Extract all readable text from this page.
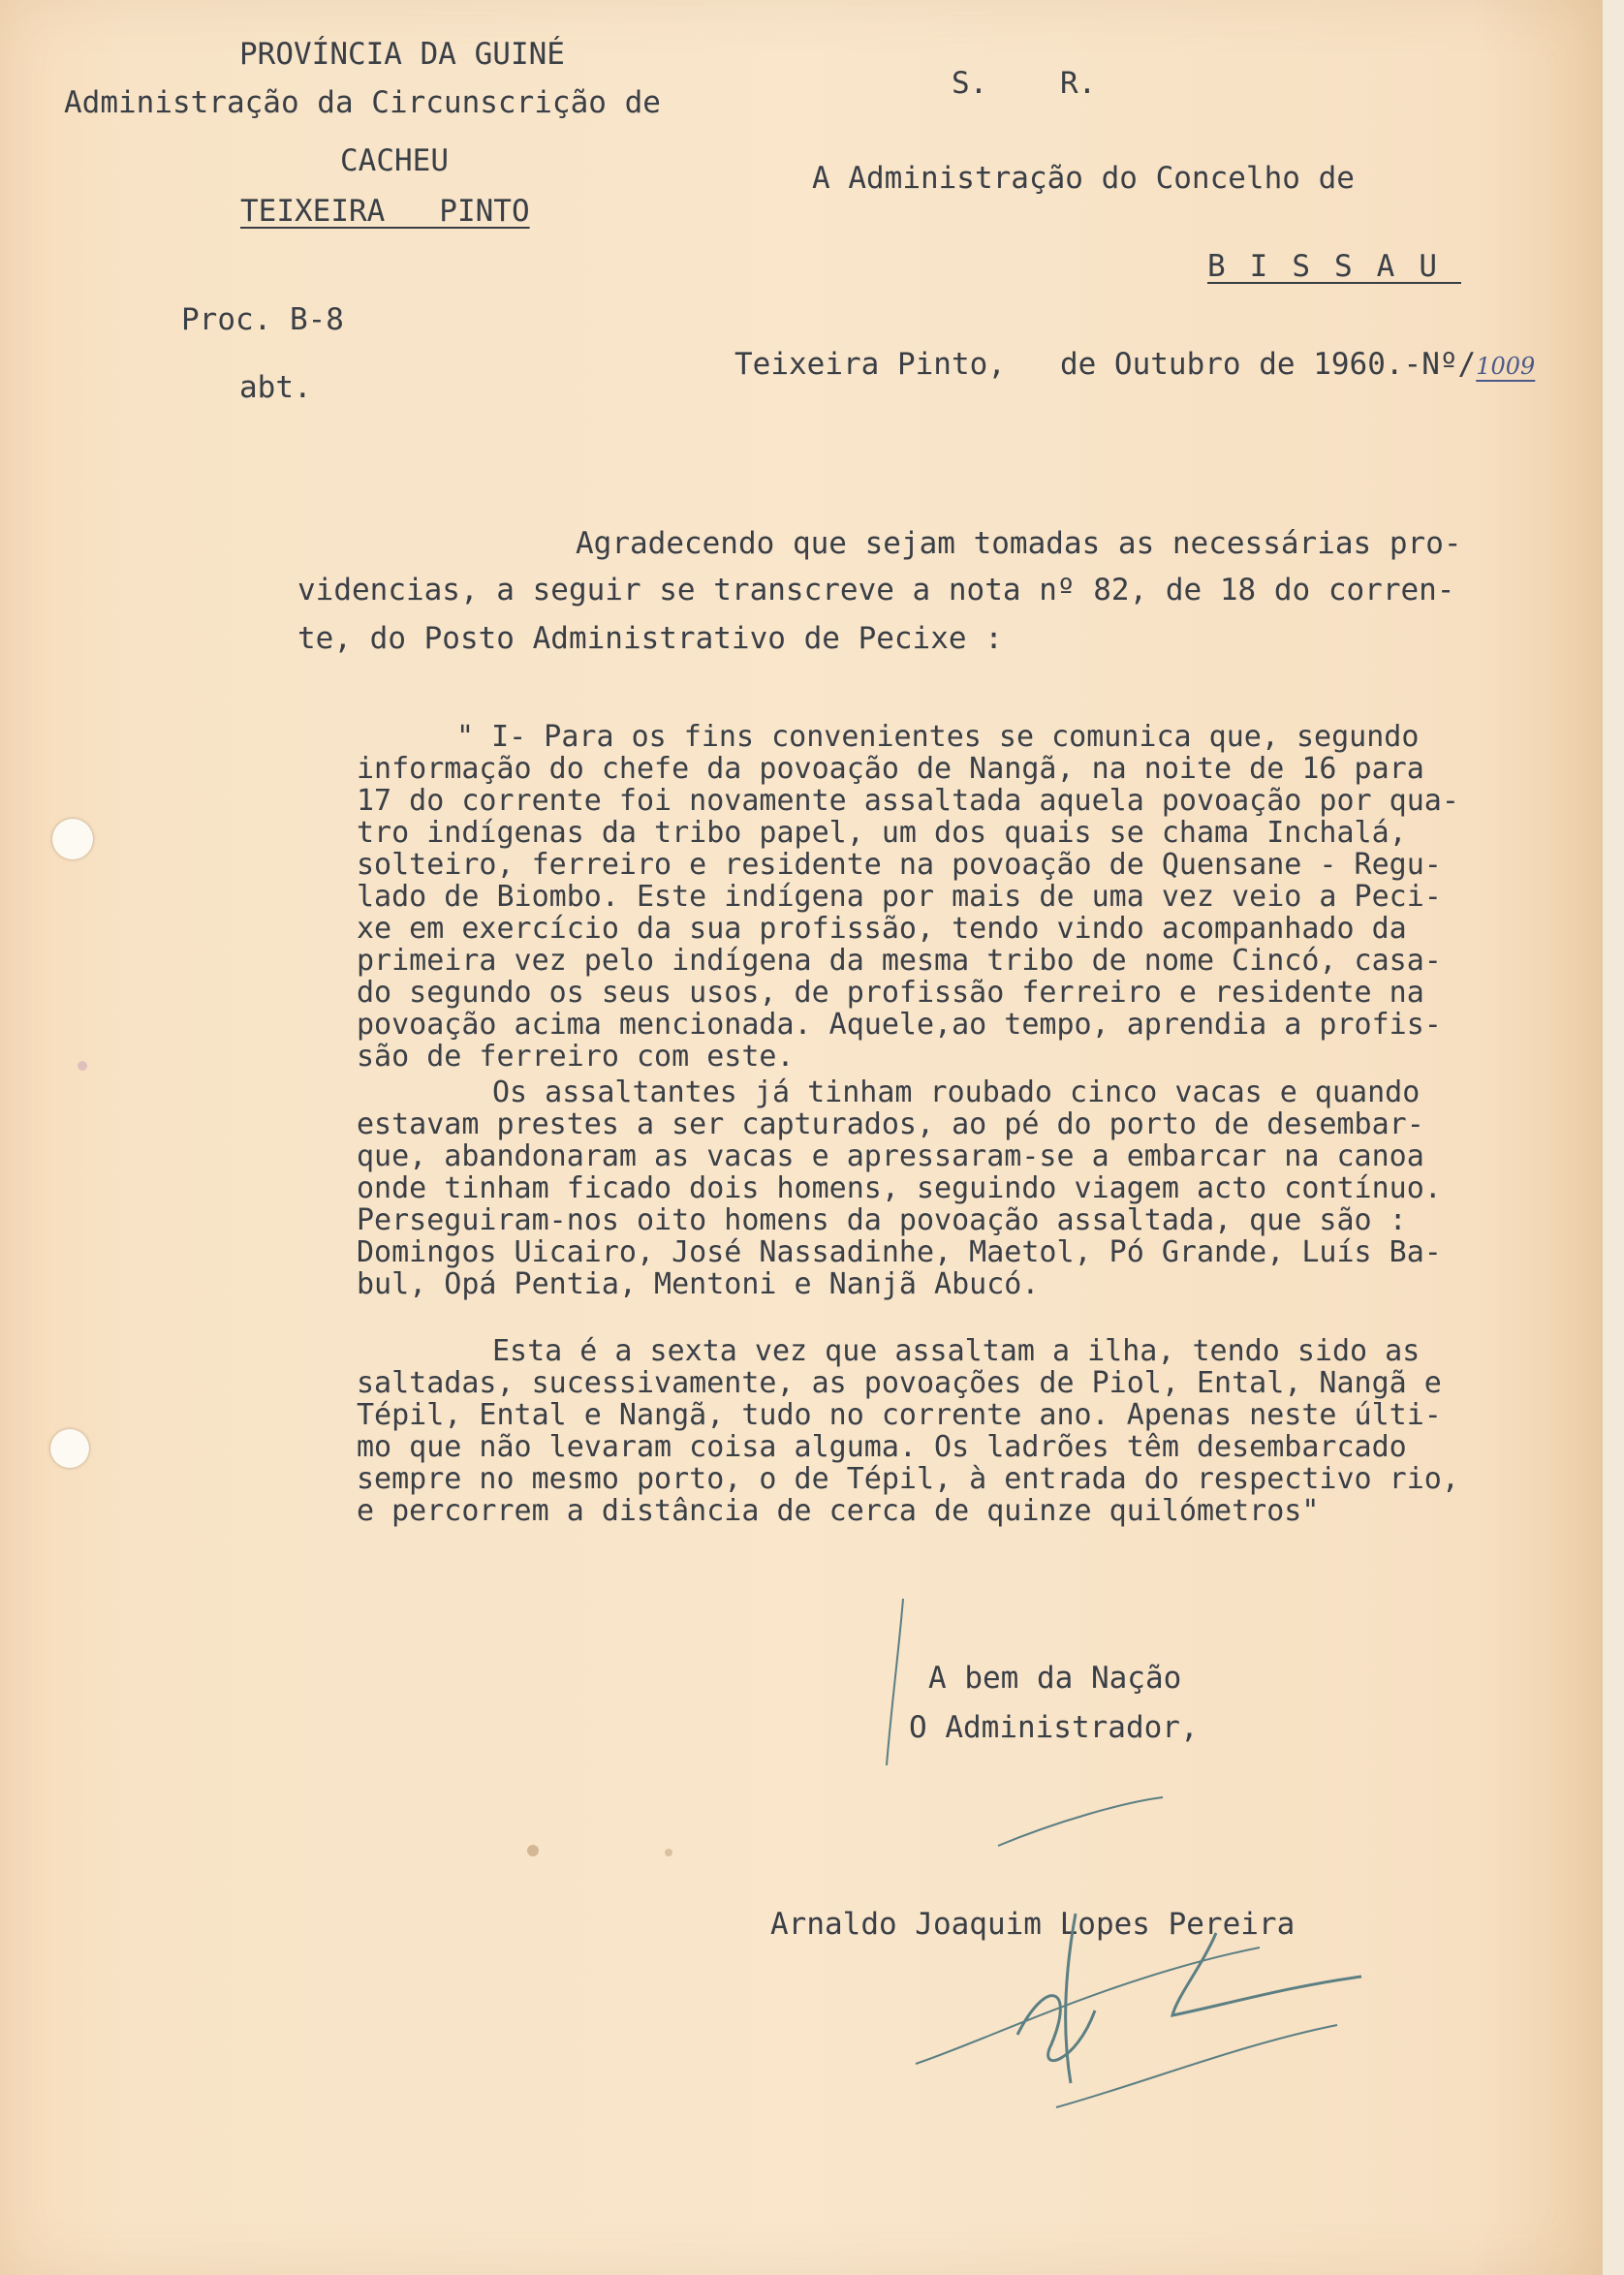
PROVÍNCIA DA GUINÉ
Administração da Circunscrição de
CACHEU
TEIXEIRA   PINTO
S.    R.
A Administração do Concelho de
BISSAU
Proc. B-8
abt.
Teixeira Pinto,   de Outubro de 1960.-Nº/1009
Agradecendo que sejam tomadas as necessárias pro-
videncias, a seguir se transcreve a nota nº 82, de 18 do corren-
te, do Posto Administrativo de Pecixe :
" I- Para os fins convenientes se comunica que, segundo
informação do chefe da povoação de Nangã, na noite de 16 para
17 do corrente foi novamente assaltada aquela povoação por qua-
tro indígenas da tribo papel, um dos quais se chama Inchalá,
solteiro, ferreiro e residente na povoação de Quensane - Regu-
lado de Biombo. Este indígena por mais de uma vez veio a Peci-
xe em exercício da sua profissão, tendo vindo acompanhado da
primeira vez pelo indígena da mesma tribo de nome Cincó, casa-
do segundo os seus usos, de profissão ferreiro e residente na
povoação acima mencionada. Aquele,ao tempo, aprendia a profis-
são de ferreiro com este.
Os assaltantes já tinham roubado cinco vacas e quando
estavam prestes a ser capturados, ao pé do porto de desembar-
que, abandonaram as vacas e apressaram-se a embarcar na canoa
onde tinham ficado dois homens, seguindo viagem acto contínuo.
Perseguiram-nos oito homens da povoação assaltada, que são :
Domingos Uicairo, José Nassadinhe, Maetol, Pó Grande, Luís Ba-
bul, Opá Pentia, Mentoni e Nanjã Abucó.
Esta é a sexta vez que assaltam a ilha, tendo sido as
saltadas, sucessivamente, as povoações de Piol, Ental, Nangã e
Tépil, Ental e Nangã, tudo no corrente ano. Apenas neste últi-
mo que não levaram coisa alguma. Os ladrões têm desembarcado
sempre no mesmo porto, o de Tépil, à entrada do respectivo rio,
e percorrem a distância de cerca de quinze quilómetros"
A bem da Nação
O Administrador,
Arnaldo Joaquim Lopes Pereira
